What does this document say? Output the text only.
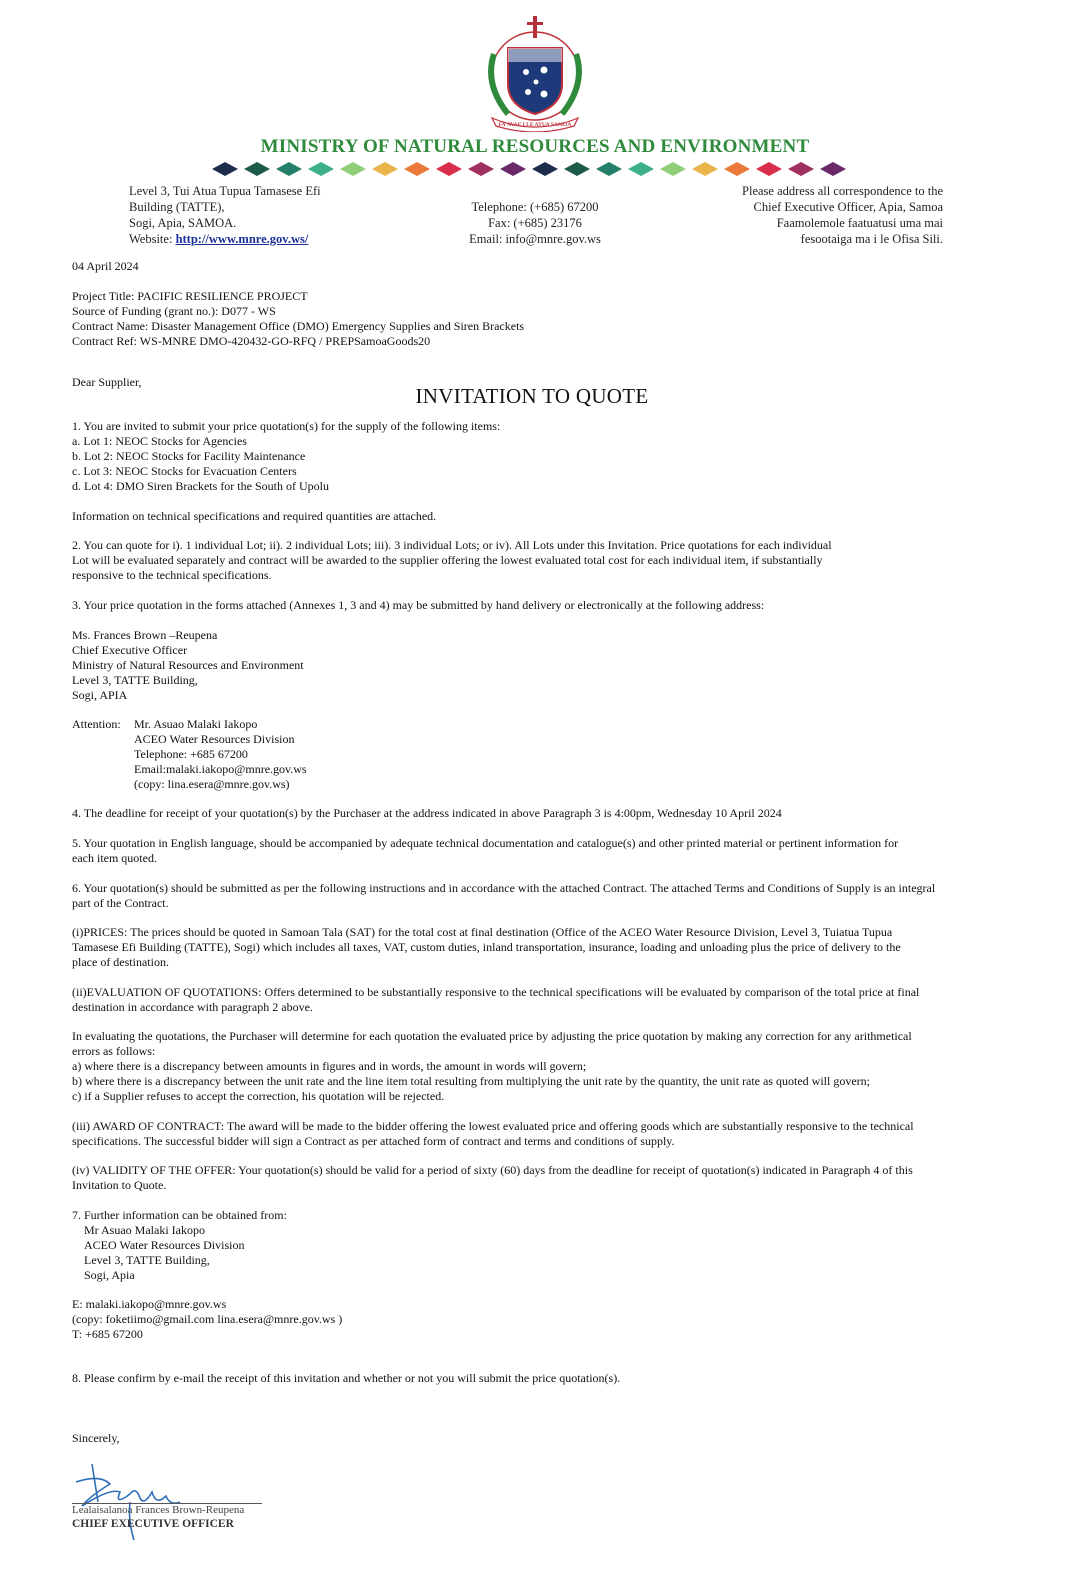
FA'AVAE I LE ATUA SAMOA
MINISTRY OF NATURAL RESOURCES AND ENVIRONMENT
Level 3, Tui Atua Tupua Tamasese Efi
Building (TATTE),
Sogi, Apia, SAMOA.
Website: http://www.mnre.gov.ws/
Telephone: (+685) 67200
Fax: (+685) 23176
Email: info@mnre.gov.ws
Please address all correspondence to the
Chief Executive Officer, Apia, Samoa
Faamolemole faatuatusi uma mai
fesootaiga ma i le Ofisa Sili.
04 April 2024
Project Title: PACIFIC RESILIENCE PROJECT
Source of Funding (grant no.): D077 - WS
Contract Name: Disaster Management Office (DMO) Emergency Supplies and Siren Brackets
Contract Ref: WS-MNRE DMO-420432-GO-RFQ / PREPSamoaGoods20
Dear Supplier,
INVITATION TO QUOTE
1. You are invited to submit your price quotation(s) for the supply of the following items:
a. Lot 1: NEOC Stocks for Agencies
b. Lot 2: NEOC Stocks for Facility Maintenance
c. Lot 3: NEOC Stocks for Evacuation Centers
d. Lot 4: DMO Siren Brackets for the South of Upolu
Information on technical specifications and required quantities are attached.
2. You can quote for i). 1 individual Lot; ii). 2 individual Lots; iii). 3 individual Lots; or iv). All Lots under this Invitation. Price quotations for each individual
Lot will be evaluated separately and contract will be awarded to the supplier offering the lowest evaluated total cost for each individual item, if substantially
responsive to the technical specifications.
3. Your price quotation in the forms attached (Annexes 1, 3 and 4) may be submitted by hand delivery or electronically at the following address:
Ms. Frances Brown –Reupena
Chief Executive Officer
Ministry of Natural Resources and Environment
Level 3, TATTE Building,
Sogi, APIA
Attention: Mr. Asuao Malaki Iakopo
ACEO Water Resources Division
Telephone: +685 67200
Email:malaki.iakopo@mnre.gov.ws
(copy: lina.esera@mnre.gov.ws)
4. The deadline for receipt of your quotation(s) by the Purchaser at the address indicated in above Paragraph 3 is 4:00pm, Wednesday 10 April 2024
5. Your quotation in English language, should be accompanied by adequate technical documentation and catalogue(s) and other printed material or pertinent information for
each item quoted.
6. Your quotation(s) should be submitted as per the following instructions and in accordance with the attached Contract. The attached Terms and Conditions of Supply is an integral
part of the Contract.
(i)PRICES: The prices should be quoted in Samoan Tala (SAT) for the total cost at final destination (Office of the ACEO Water Resource Division, Level 3, Tuiatua Tupua
Tamasese Efi Building (TATTE), Sogi) which includes all taxes, VAT, custom duties, inland transportation, insurance, loading and unloading plus the price of delivery to the
place of destination.
(ii)EVALUATION OF QUOTATIONS: Offers determined to be substantially responsive to the technical specifications will be evaluated by comparison of the total price at final
destination in accordance with paragraph 2 above.
In evaluating the quotations, the Purchaser will determine for each quotation the evaluated price by adjusting the price quotation by making any correction for any arithmetical
errors as follows:
a) where there is a discrepancy between amounts in figures and in words, the amount in words will govern;
b) where there is a discrepancy between the unit rate and the line item total resulting from multiplying the unit rate by the quantity, the unit rate as quoted will govern;
c) if a Supplier refuses to accept the correction, his quotation will be rejected.
(iii) AWARD OF CONTRACT: The award will be made to the bidder offering the lowest evaluated price and offering goods which are substantially responsive to the technical
specifications. The successful bidder will sign a Contract as per attached form of contract and terms and conditions of supply.
(iv) VALIDITY OF THE OFFER: Your quotation(s) should be valid for a period of sixty (60) days from the deadline for receipt of quotation(s) indicated in Paragraph 4 of this
Invitation to Quote.
7. Further information can be obtained from:
Mr Asuao Malaki Iakopo
ACEO Water Resources Division
Level 3, TATTE Building,
Sogi, Apia
E: malaki.iakopo@mnre.gov.ws
(copy: foketiimo@gmail.com lina.esera@mnre.gov.ws )
T: +685 67200
8. Please confirm by e-mail the receipt of this invitation and whether or not you will submit the price quotation(s).
Sincerely,
Lealaisalanoa Frances Brown-Reupena
CHIEF EXECUTIVE OFFICER
